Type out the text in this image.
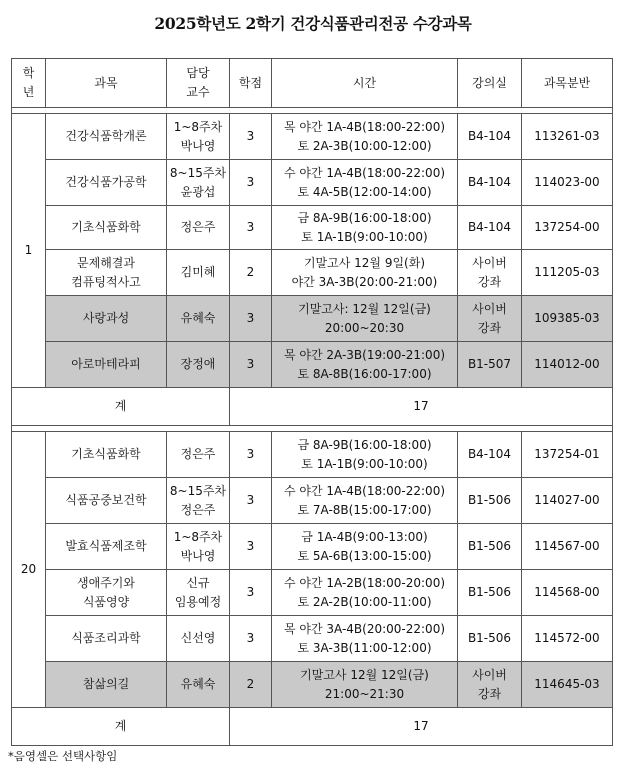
2025학년도 2학기 건강식품관리전공 수강과목
학
년	과목	담당
교수	학점	시간	강의실	과목분반

1	건강식품학개론	1~8주차
박나영	3	목 야간 1A-4B(18:00-22:00)
토 2A-3B(10:00-12:00)	B4-104	113261-03

	건강식품가공학	8~15주차
윤광섭	3	수 야간 1A-4B(18:00-22:00)
토 4A-5B(12:00-14:00)	B4-104	114023-00

	기초식품화학	정은주	3	금 8A-9B(16:00-18:00)
토 1A-1B(9:00-10:00)	B4-104	137254-00

	문제해결과
컴퓨팅적사고	김미혜	2	기말고사 12월 9일(화)
야간 3A-3B(20:00-21:00)	사이버
강좌	111205-03

	사랑과성	유혜숙	3	기말고사: 12월 12일(금)
20:00~20:30	사이버
강좌	109385-03

	아로마테라피	장정애	3	목 야간 2A-3B(19:00-21:00)
토 8A-8B(16:00-17:00)	B1-507	114012-00

계			17			

20	기초식품화학	정은주	3	금 8A-9B(16:00-18:00)
토 1A-1B(9:00-10:00)	B4-104	137254-01

	식품공중보건학	8~15주차
정은주	3	수 야간 1A-4B(18:00-22:00)
토 7A-8B(15:00-17:00)	B1-506	114027-00

	발효식품제조학	1~8주차
박나영	3	금 1A-4B(9:00-13:00)
토 5A-6B(13:00-15:00)	B1-506	114567-00

	생애주기와
식품영양	신규
임용예정	3	수 야간 1A-2B(18:00-20:00)
토 2A-2B(10:00-11:00)	B1-506	114568-00

	식품조리과학	신선영	3	목 야간 3A-4B(20:00-22:00)
토 3A-3B(11:00-12:00)	B1-506	114572-00

	참삶의길	유혜숙	2	기말고사 12월 12일(금)
21:00~21:30	사이버
강좌	114645-03

계			17			
*음영셀은 선택사항임
